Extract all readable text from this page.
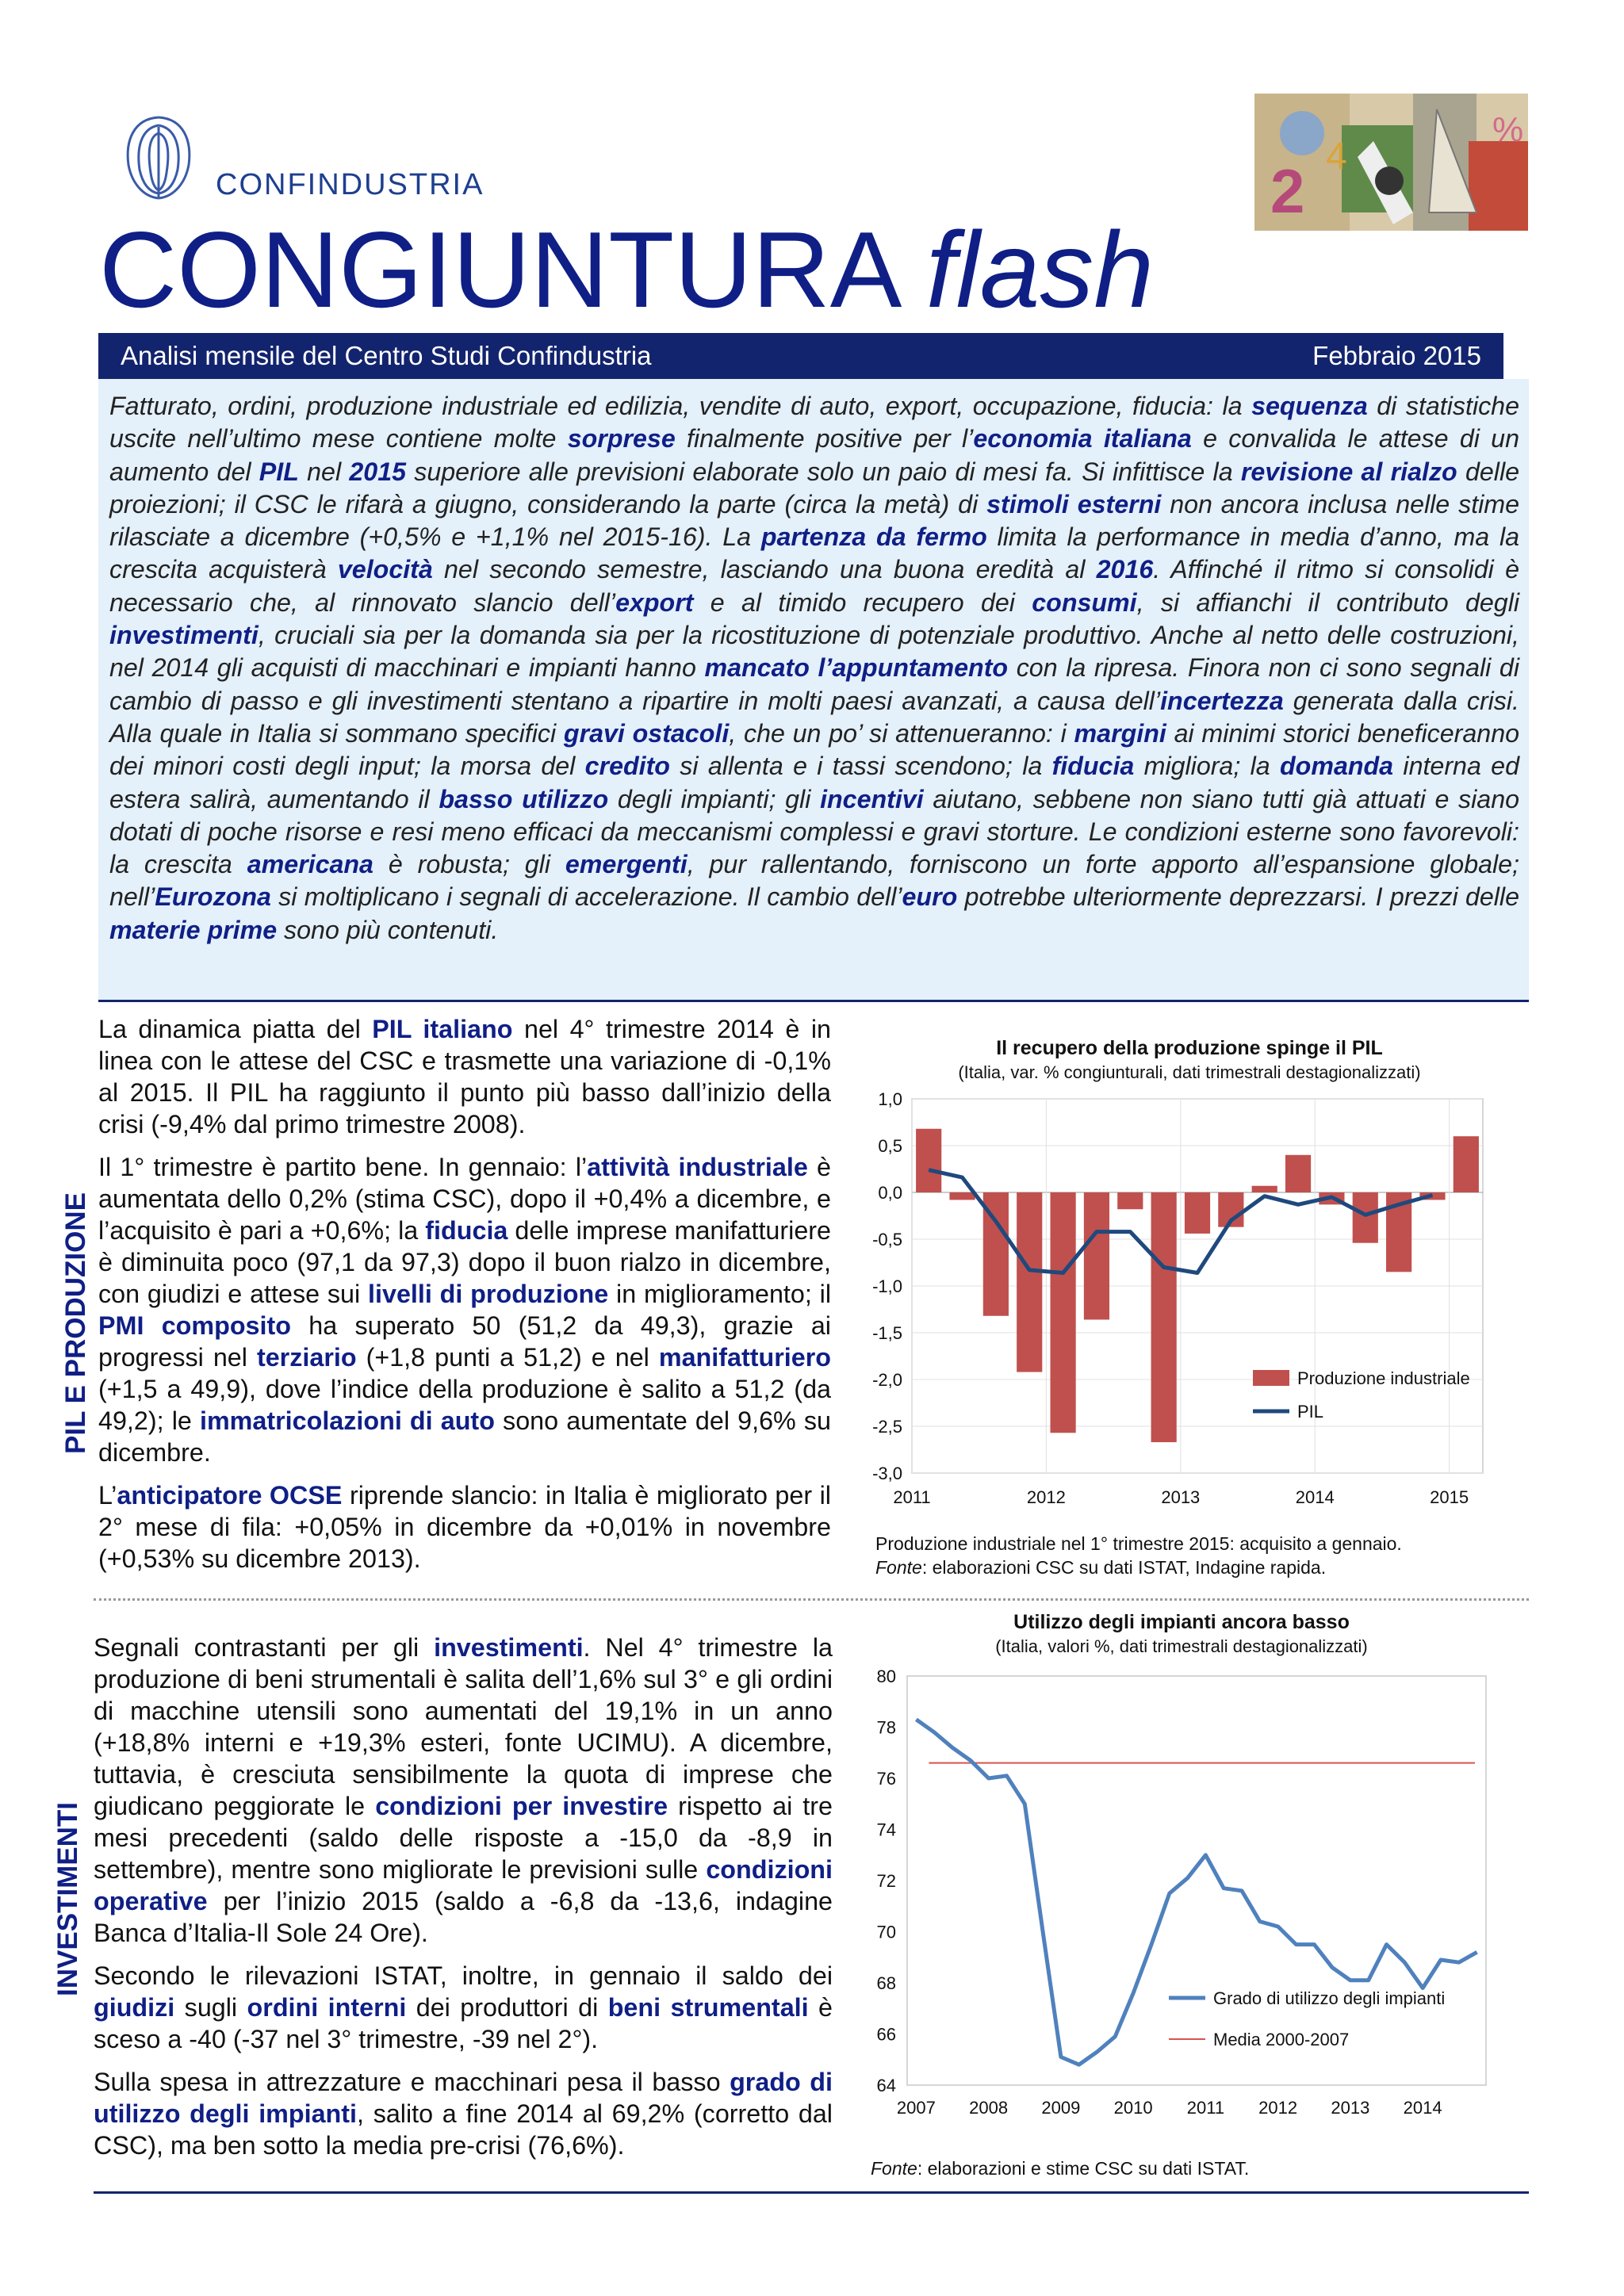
CONFINDUSTRIA	2 4
%
CONGIUNTURA flash
Analisi mensile del Centro Studi Confindustria	Febbraio 2015
Fatturato, ordini, produzione industriale ed edilizia, vendite di auto, export, occupazione, fiducia: la sequenza di statistiche uscite nell’ultimo mese contiene molte sorprese finalmente positive per l’economia italiana e convalida le attese di un aumento del PIL nel 2015 superiore alle previsioni elaborate solo un paio di mesi fa. Si infittisce la revisione al rialzo delle proiezioni; il CSC le rifarà a giugno, considerando la parte (circa la metà) di stimoli esterni non ancora inclusa nelle stime rilasciate a dicembre (+0,5% e +1,1% nel 2015-16). La partenza da fermo limita la performance in media d’anno, ma la crescita acquisterà velocità nel secondo semestre, lasciando una buona eredità al 2016. Affinché il ritmo si consolidi è necessario che, al rinnovato slancio dell’export e al timido recupero dei consumi, si affianchi il contributo degli investimenti, cruciali sia per la domanda sia per la ricostituzione di potenziale produttivo. Anche al netto delle costruzioni, nel 2014 gli acquisti di macchinari e impianti hanno mancato l’appuntamento con la ripresa. Finora non ci sono segnali di cambio di passo e gli investimenti stentano a ripartire in molti paesi avanzati, a causa dell’incertezza generata dalla crisi. Alla quale in Italia si sommano specifici gravi ostacoli, che un po’ si attenueranno: i margini ai minimi storici beneficeranno dei minori costi degli input; la morsa del credito si allenta e i tassi scendono; la fiducia migliora; la domanda interna ed estera salirà, aumentando il basso utilizzo degli impianti; gli incentivi aiutano, sebbene non siano tutti già attuati e siano dotati di poche risorse e resi meno efficaci da meccanismi complessi e gravi storture. Le condizioni esterne sono favorevoli: la crescita americana è robusta; gli emergenti, pur rallentando, forniscono un forte apporto all’espansione globale; nell’Eurozona si moltiplicano i segnali di accelerazione. Il cambio dell’euro potrebbe ulteriormente deprezzarsi. I prezzi delle materie prime sono più contenuti.
PIL E PRODUZIONE

La dinamica piatta del PIL italiano nel 4° trimestre 2014 è in linea con le attese del CSC e trasmette una variazione di -0,1% al 2015. Il PIL ha raggiunto il punto più basso dall’inizio della crisi (-9,4% dal primo trimestre 2008).

Il 1° trimestre è partito bene. In gennaio: l’attività industriale è aumentata dello 0,2% (stima CSC), dopo il +0,4% a dicembre, e l’acquisito è pari a +0,6%; la fiducia delle imprese manifatturiere è diminuita poco (97,1 da 97,3) dopo il buon rialzo in dicembre, con giudizi e attese sui livelli di produzione in miglioramento; il PMI composito ha superato 50 (51,2 da 49,3), grazie ai progressi nel terziario (+1,8 punti a 51,2) e nel manifatturiero (+1,5 a 49,9), dove l’indice della produzione è salito a 51,2 (da 49,2); le immatricolazioni di auto sono aumentate del 9,6% su dicembre.

L’anticipatore OCSE riprende slancio: in Italia è migliorato per il 2° mese di fila: +0,05% in dicembre da +0,01% in novembre (+0,53% su dicembre 2013).

Il recupero della produzione spinge il PIL
(Italia, var. % congiunturali, dati trimestrali destagionalizzati)
1,0
0,5
0,0
-0,5
-1,0
-1,5
-2,0
-2,5
-3,0
2011	2012	2013	2014	2015
Produzione industriale
PIL
Produzione industriale nel 1° trimestre 2015: acquisito a gennaio.
Fonte: elaborazioni CSC su dati ISTAT, Indagine rapida.
INVESTIMENTI

Segnali contrastanti per gli investimenti. Nel 4° trimestre la produzione di beni strumentali è salita dell’1,6% sul 3° e gli ordini di macchine utensili sono aumentati del 19,1% in un anno (+18,8% interni e +19,3% esteri, fonte UCIMU). A dicembre, tuttavia, è cresciuta sensibilmente la quota di imprese che giudicano peggiorate le condizioni per investire rispetto ai tre mesi precedenti (saldo delle risposte a -15,0 da -8,9 in settembre), mentre sono migliorate le previsioni sulle condizioni operative per l’inizio 2015 (saldo a -6,8 da -13,6, indagine Banca d’Italia-Il Sole 24 Ore).

Secondo le rilevazioni ISTAT, inoltre, in gennaio il saldo dei giudizi sugli ordini interni dei produttori di beni strumentali è sceso a -40 (-37 nel 3° trimestre, -39 nel 2°).

Sulla spesa in attrezzature e macchinari pesa il basso grado di utilizzo degli impianti, salito a fine 2014 al 69,2% (corretto dal CSC), ma ben sotto la media pre-crisi (76,6%).

Utilizzo degli impianti ancora basso
(Italia, valori %, dati trimestrali destagionalizzati)
80
78
76
74
72
70
68
66
64
2007 2008 2009 2010 2011 2012 2013 2014
Grado di utilizzo degli impianti
Media 2000-2007
Fonte: elaborazioni e stime CSC su dati ISTAT.
